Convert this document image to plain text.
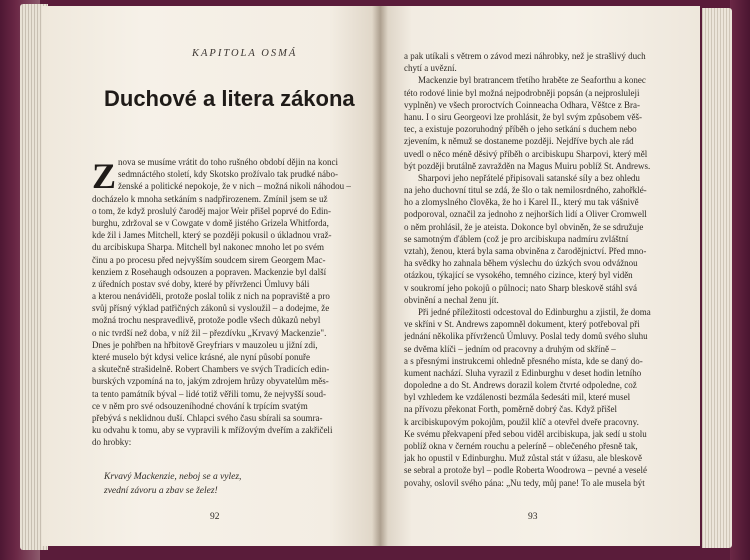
KAPITOLA OSMÁ
Duchové a litera zákona
Z nova se musíme vrátit do toho rušného období dějin na konci
sedmnáctého století, kdy Skotsko prožívalo tak prudké nábo-
ženské a politické nepokoje, že v nich – možná nikoli náhodou –
docházelo k mnoha setkáním s nadpřirozenem. Zmínil jsem se už
o tom, že když proslulý čaroděj major Weir přišel poprvé do Edin-
burghu, zdržoval se v Cowgate v domě jistého Grizela Whitforda,
kde žil i James Mitchell, který se později pokusil o úkladnou vraž-
du arcibiskupa Sharpa. Mitchell byl nakonec mnoho let po svém
činu a po procesu před nejvyšším soudcem sirem Georgem Mac-
kenziem z Rosehaugh odsouzen a popraven. Mackenzie byl další
z úředních postav své doby, které by přívrženci Úmluvy báli
a kterou nenáviděli, protože poslal tolik z nich na popraviště a pro
svůj přísný výklad patřičných zákonů si vysloužil – a dodejme, že
možná trochu nespravedlivě, protože podle všech důkazů nebyl
o nic tvrdší než doba, v níž žil – přezdívku „Krvavý Mackenzie".
Dnes je pohřben na hřbitově Greyfriars v mauzoleu u jižní zdi,
které muselo být kdysi velice krásné, ale nyní působí ponuře
a skutečně strašidelně. Robert Chambers ve svých Tradicích edin-
burských vzpomíná na to, jakým zdrojem hrůzy obyvatelům měs-
ta tento památník býval – lidé totiž věřili tomu, že nejvyšší soud-
ce v něm pro své odsouzeníhodné chování k trpícím svatým
přebývá s neklidnou duší. Chlapci svého času sbírali sa soumra-
ku odvahu k tomu, aby se vypravili k mřížovým dveřím a zakřičeli
do hrobky:
Krvavý Mackenzie, neboj se a vylez,
zvední závoru a zbav se želez!
92
a pak utíkali s větrem o závod mezi náhrobky, než je strašlivý duch
chytí a uvězní.
Mackenzie byl bratrancem třetího hraběte ze Seaforthu a konec
této rodové linie byl možná nejpodrobněji popsán (a nejprosluleji
vyplněn) ve všech proroctvích Coinneacha Odhara, Věštce z Bra-
hanu. I o siru Georgeovi lze prohlásit, že byl svým způsobem věš-
tec, a existuje pozoruhodný příběh o jeho setkání s duchem nebo
zjevením, k němuž se dostaneme později. Nejdříve bych ale rád
uvedl o něco méně děsivý příběh o arcibiskupu Sharpovi, který měl
být později brutálně zavražděn na Magus Muiru poblíž St. Andrews.
Sharpovi jeho nepřátelé připisovali satanské síly a bez ohledu
na jeho duchovní titul se zdá, že šlo o tak nemilosrdného, zahořklé-
ho a zlomyslného člověka, že ho i Karel II., který mu tak vášnivě
podporoval, označil za jednoho z nejhorších lidí a Oliver Cromwell
o něm prohlásil, že je ateista. Dokonce byl obviněn, že se sdružuje
se samotným ďáblem (což je pro arcibiskupa nadmíru zvláštní
vztah), ženou, která byla sama obviněna z čarodějnictví. Před mno-
ha svědky ho zahnala během výslechu do úzkých svou odvážnou
otázkou, týkající se vysokého, temného cizince, který byl viděn
v soukromí jeho pokojů o půlnoci; nato Sharp bleskově stáhl svá
obvinění a nechal ženu jít.
Při jedné příležitosti odcestoval do Edinburghu a zjistil, že doma
ve skříni v St. Andrews zapomněl dokument, který potřeboval při
jednání několika přívrženců Úmluvy. Poslal tedy domů svého sluhu
se dvěma klíči – jedním od pracovny a druhým od skříně –
a s přesnými instrukcemi ohledně přesného místa, kde se daný do-
kument nachází. Sluha vyrazil z Edinburghu v deset hodin letního
dopoledne a do St. Andrews dorazil kolem čtvrté odpoledne, což
byl vzhledem ke vzdálenosti bezmála šedesáti mil, které musel
na přívozu překonat Forth, poměrně dobrý čas. Když přišel
k arcibiskupovým pokojům, použil klíč a otevřel dveře pracovny.
Ke svému překvapení před sebou viděl arcibiskupa, jak sedí u stolu
poblíž okna v černém rouchu a peleríně – oblečeného přesně tak,
jak ho opustil v Edinburghu. Muž zůstal stát v úžasu, ale bleskově
se sebral a protože byl – podle Roberta Woodrowa – pevné a veselé
povahy, oslovil svého pána: „Nu tedy, můj pane! To ale musela být
93
